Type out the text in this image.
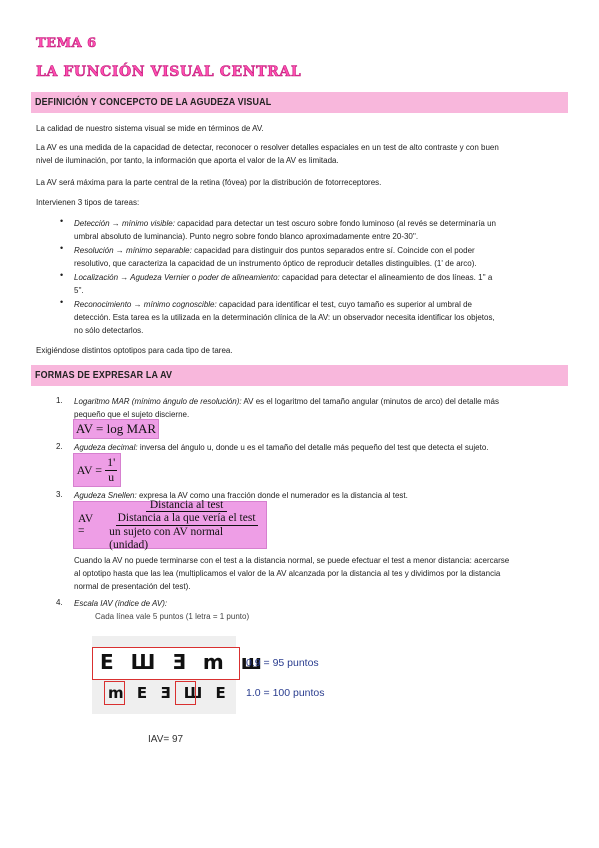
TEMA 6
LA FUNCIÓN VISUAL CENTRAL
DEFINICIÓN Y CONCEPCTO DE LA AGUDEZA VISUAL
La calidad de nuestro sistema visual se mide en términos de AV.
La AV es una medida de la capacidad de detectar, reconocer o resolver detalles espaciales en un test de alto contraste y con buen
nivel de iluminación, por tanto, la información que aporta el valor de la AV es limitada.
La AV será máxima para la parte central de la retina (fóvea) por la distribución de fotorreceptores.
Intervienen 3 tipos de tareas:
• Detección → mínimo visible: capacidad para detectar un test oscuro sobre fondo luminoso (al revés se determinaría un
umbral absoluto de luminancia). Punto negro sobre fondo blanco aproximadamente entre 20-30''.
• Resolución → mínimo separable: capacidad para distinguir dos puntos separados entre sí. Coincide con el poder
resolutivo, que caracteriza la capacidad de un instrumento óptico de reproducir detalles distinguibles. (1' de arco).
• Localización → Agudeza Vernier o poder de alineamiento: capacidad para detectar el alineamiento de dos líneas. 1'' a
5''.
• Reconocimiento → mínimo cognoscible: capacidad para identificar el test, cuyo tamaño es superior al umbral de
detección. Esta tarea es la utilizada en la determinación clínica de la AV: un observador necesita identificar los objetos,
no sólo detectarlos.
Exigiéndose distintos optotipos para cada tipo de tarea.
FORMAS DE EXPRESAR LA AV
1. Logaritmo MAR (mínimo ángulo de resolución): AV es el logaritmo del tamaño angular (minutos de arco) del detalle más
pequeño que el sujeto discierne.
AV = log MAR
2. Agudeza decimal: inversa del ángulo u, donde u es el tamaño del detalle más pequeño del test que detecta el sujeto.
AV = $\frac{1'}{u}$
3. Agudeza Snellen: expresa la AV como una fracción donde el numerador es la distancia al test.
AV =
Distancia al test
Distancia a la que vería el test
un sujeto con AV normal (unidad)
Cuando la AV no puede terminarse con el test a la distancia normal, se puede efectuar el test a menor distancia: acercarse
al optotipo hasta que las lea (multiplicamos el valor de la AV alcanzada por la distancia al tes y dividimos por la distancia
normal de presentación del test).
4. Escala IAV (índice de AV):
Cada línea vale 5 puntos (1 letra = 1 punto)
E Ш Ǝ m ш
m E Ǝ Ш E
0.9 = 95 puntos
1.0 = 100 puntos
IAV= 97
